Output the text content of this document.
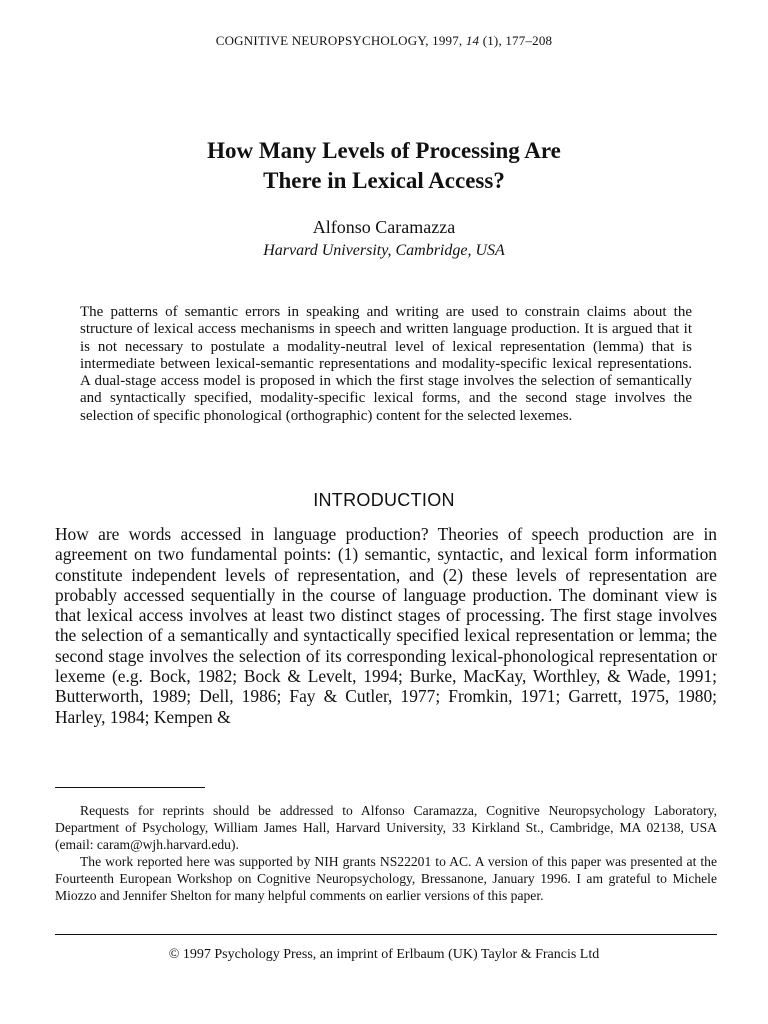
COGNITIVE NEUROPSYCHOLOGY, 1997, 14 (1), 177–208
How Many Levels of Processing Are
There in Lexical Access?
Alfonso Caramazza
Harvard University, Cambridge, USA

The patterns of semantic errors in speaking and writing are used to constrain claims about the structure of lexical access mechanisms in speech and written language production. It is argued that it is not necessary to postulate a modality-neutral level of lexical representation (lemma) that is intermediate between lexical-semantic representations and modality-specific lexical representations. A dual-stage access model is proposed in which the first stage involves the selection of semantically and syntactically specified, modality-specific lexical forms, and the second stage involves the selection of specific phonological (orthographic) content for the selected lexemes.

INTRODUCTION

How are words accessed in language production? Theories of speech production are in agreement on two fundamental points: (1) semantic, syntactic, and lexical form information constitute independent levels of representation, and (2) these levels of representation are probably accessed sequentially in the course of language production. The dominant view is that lexical access involves at least two distinct stages of processing. The first stage involves the selection of a semantically and syntactically specified lexical representation or lemma; the second stage involves the selection of its corresponding lexical-phonological representation or lexeme (e.g. Bock, 1982; Bock & Levelt, 1994; Burke, MacKay, Worthley, & Wade, 1991; Butterworth, 1989; Dell, 1986; Fay & Cutler, 1977; Fromkin, 1971; Garrett, 1975, 1980; Harley, 1984; Kempen &

Requests for reprints should be addressed to Alfonso Caramazza, Cognitive Neuropsychology Laboratory, Department of Psychology, William James Hall, Harvard University, 33 Kirkland St., Cambridge, MA 02138, USA (email: caram@wjh.harvard.edu).

The work reported here was supported by NIH grants NS22201 to AC. A version of this paper was presented at the Fourteenth European Workshop on Cognitive Neuropsychology, Bressanone, January 1996. I am grateful to Michele Miozzo and Jennifer Shelton for many helpful comments on earlier versions of this paper.

© 1997 Psychology Press, an imprint of Erlbaum (UK) Taylor & Francis Ltd
